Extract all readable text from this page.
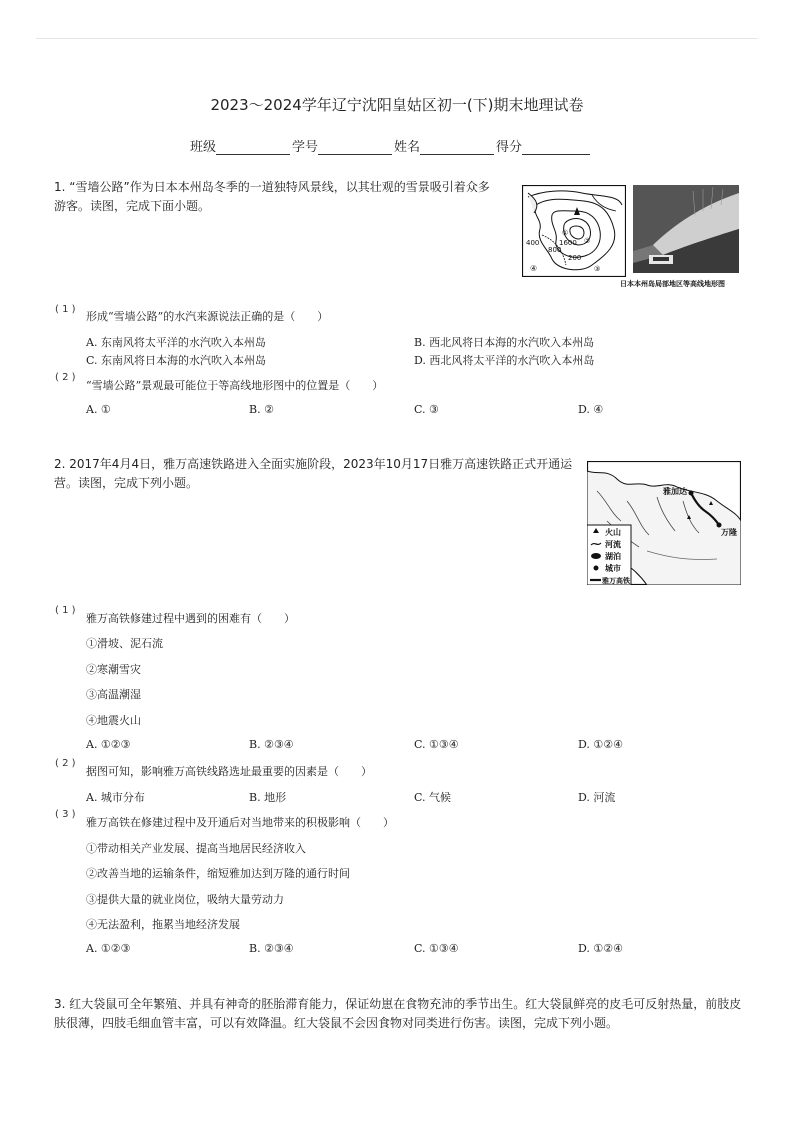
2023～2024学年辽宁沈阳皇姑区初一(下)期末地理试卷
班级	学号	姓名	得分
1. “雪墙公路”作为日本本州岛冬季的一道独特风景线，以其壮观的雪景吸引着众多
游客。读图，完成下面小题。
400	1600
800
200
④
①
②
③
日本本州岛局部地区等高线地形图
( 1 )
形成“雪墙公路”的水汽来源说法正确的是（　　）
A. 东南风将太平洋的水汽吹入本州岛	B. 西北风将日本海的水汽吹入本州岛
C. 东南风将日本海的水汽吹入本州岛	D. 西北风将太平洋的水汽吹入本州岛
( 2 )
“雪墙公路”景观最可能位于等高线地形图中的位置是（　　）
A. ①	B. ②	C. ③	D. ④
2. 2017年4月4日，雅万高速铁路进入全面实施阶段，2023年10月17日雅万高速铁路正式开通运
营。读图，完成下列小题。
雅加达
万隆
火山
河流
湖泊
城市
雅万高铁
( 1 )
雅万高铁修建过程中遇到的困难有（　　）
①滑坡、泥石流
②寒潮雪灾
③高温潮湿
④地震火山
A. ①②③	B. ②③④	C. ①③④	D. ①②④
( 2 )
据图可知，影响雅万高铁线路选址最重要的因素是（　　）
A. 城市分布	B. 地形	C. 气候	D. 河流
( 3 )
雅万高铁在修建过程中及开通后对当地带来的积极影响（　　）
①带动相关产业发展、提高当地居民经济收入
②改善当地的运输条件，缩短雅加达到万隆的通行时间
③提供大量的就业岗位，吸纳大量劳动力
④无法盈利，拖累当地经济发展
A. ①②③	B. ②③④	C. ①③④	D. ①②④
3. 红大袋鼠可全年繁殖、并具有神奇的胚胎滞育能力，保证幼崽在食物充沛的季节出生。红大袋鼠鲜亮的皮毛可反射热量，前肢皮
肤很薄，四肢毛细血管丰富，可以有效降温。红大袋鼠不会因食物对同类进行伤害。读图，完成下列小题。
